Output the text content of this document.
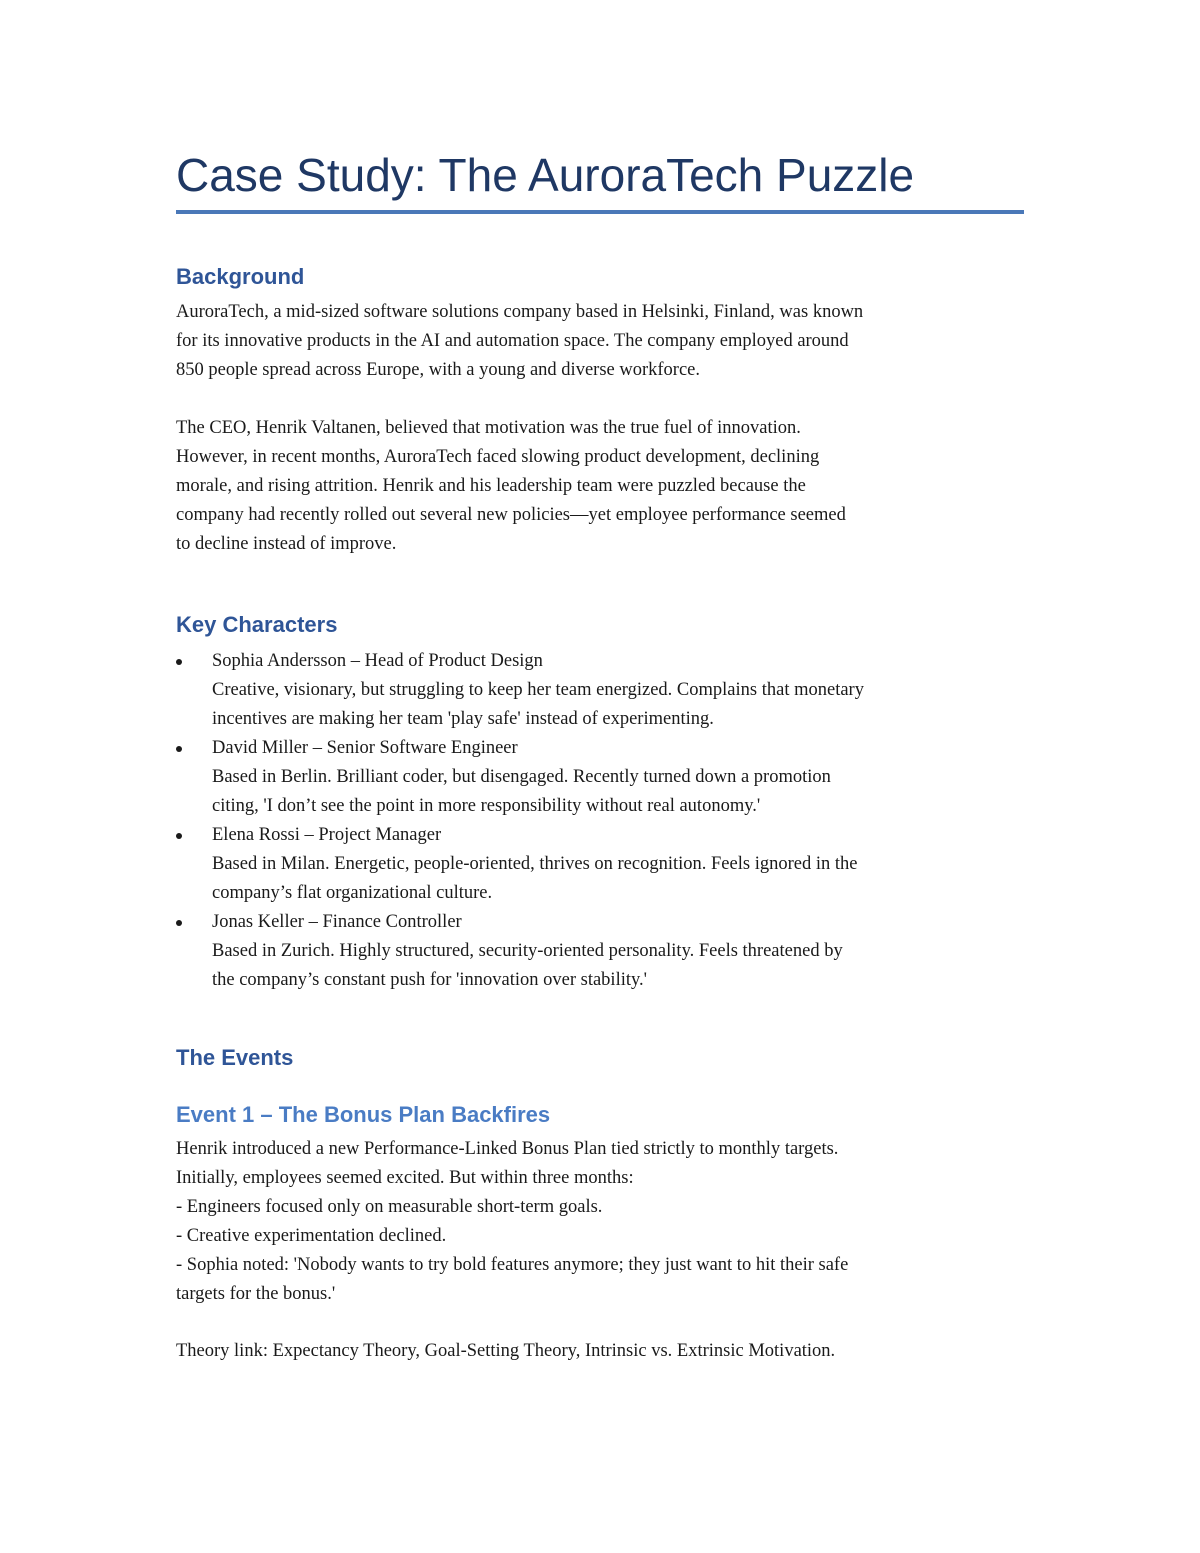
Case Study: The AuroraTech Puzzle
Background

AuroraTech, a mid-sized software solutions company based in Helsinki, Finland, was known
for its innovative products in the AI and automation space. The company employed around
850 people spread across Europe, with a young and diverse workforce.

The CEO, Henrik Valtanen, believed that motivation was the true fuel of innovation.
However, in recent months, AuroraTech faced slowing product development, declining
morale, and rising attrition. Henrik and his leadership team were puzzled because the
company had recently rolled out several new policies—yet employee performance seemed
to decline instead of improve.

Key Characters
Sophia Andersson – Head of Product Design
Creative, visionary, but struggling to keep her team energized. Complains that monetary
incentives are making her team 'play safe' instead of experimenting.
David Miller – Senior Software Engineer
Based in Berlin. Brilliant coder, but disengaged. Recently turned down a promotion
citing, 'I don’t see the point in more responsibility without real autonomy.'
Elena Rossi – Project Manager
Based in Milan. Energetic, people-oriented, thrives on recognition. Feels ignored in the
company’s flat organizational culture.
Jonas Keller – Finance Controller
Based in Zurich. Highly structured, security-oriented personality. Feels threatened by
the company’s constant push for 'innovation over stability.'
The Events
Event 1 – The Bonus Plan Backfires

Henrik introduced a new Performance-Linked Bonus Plan tied strictly to monthly targets.
Initially, employees seemed excited. But within three months:
- Engineers focused only on measurable short-term goals.
- Creative experimentation declined.
- Sophia noted: 'Nobody wants to try bold features anymore; they just want to hit their safe
targets for the bonus.'

Theory link: Expectancy Theory, Goal-Setting Theory, Intrinsic vs. Extrinsic Motivation.
